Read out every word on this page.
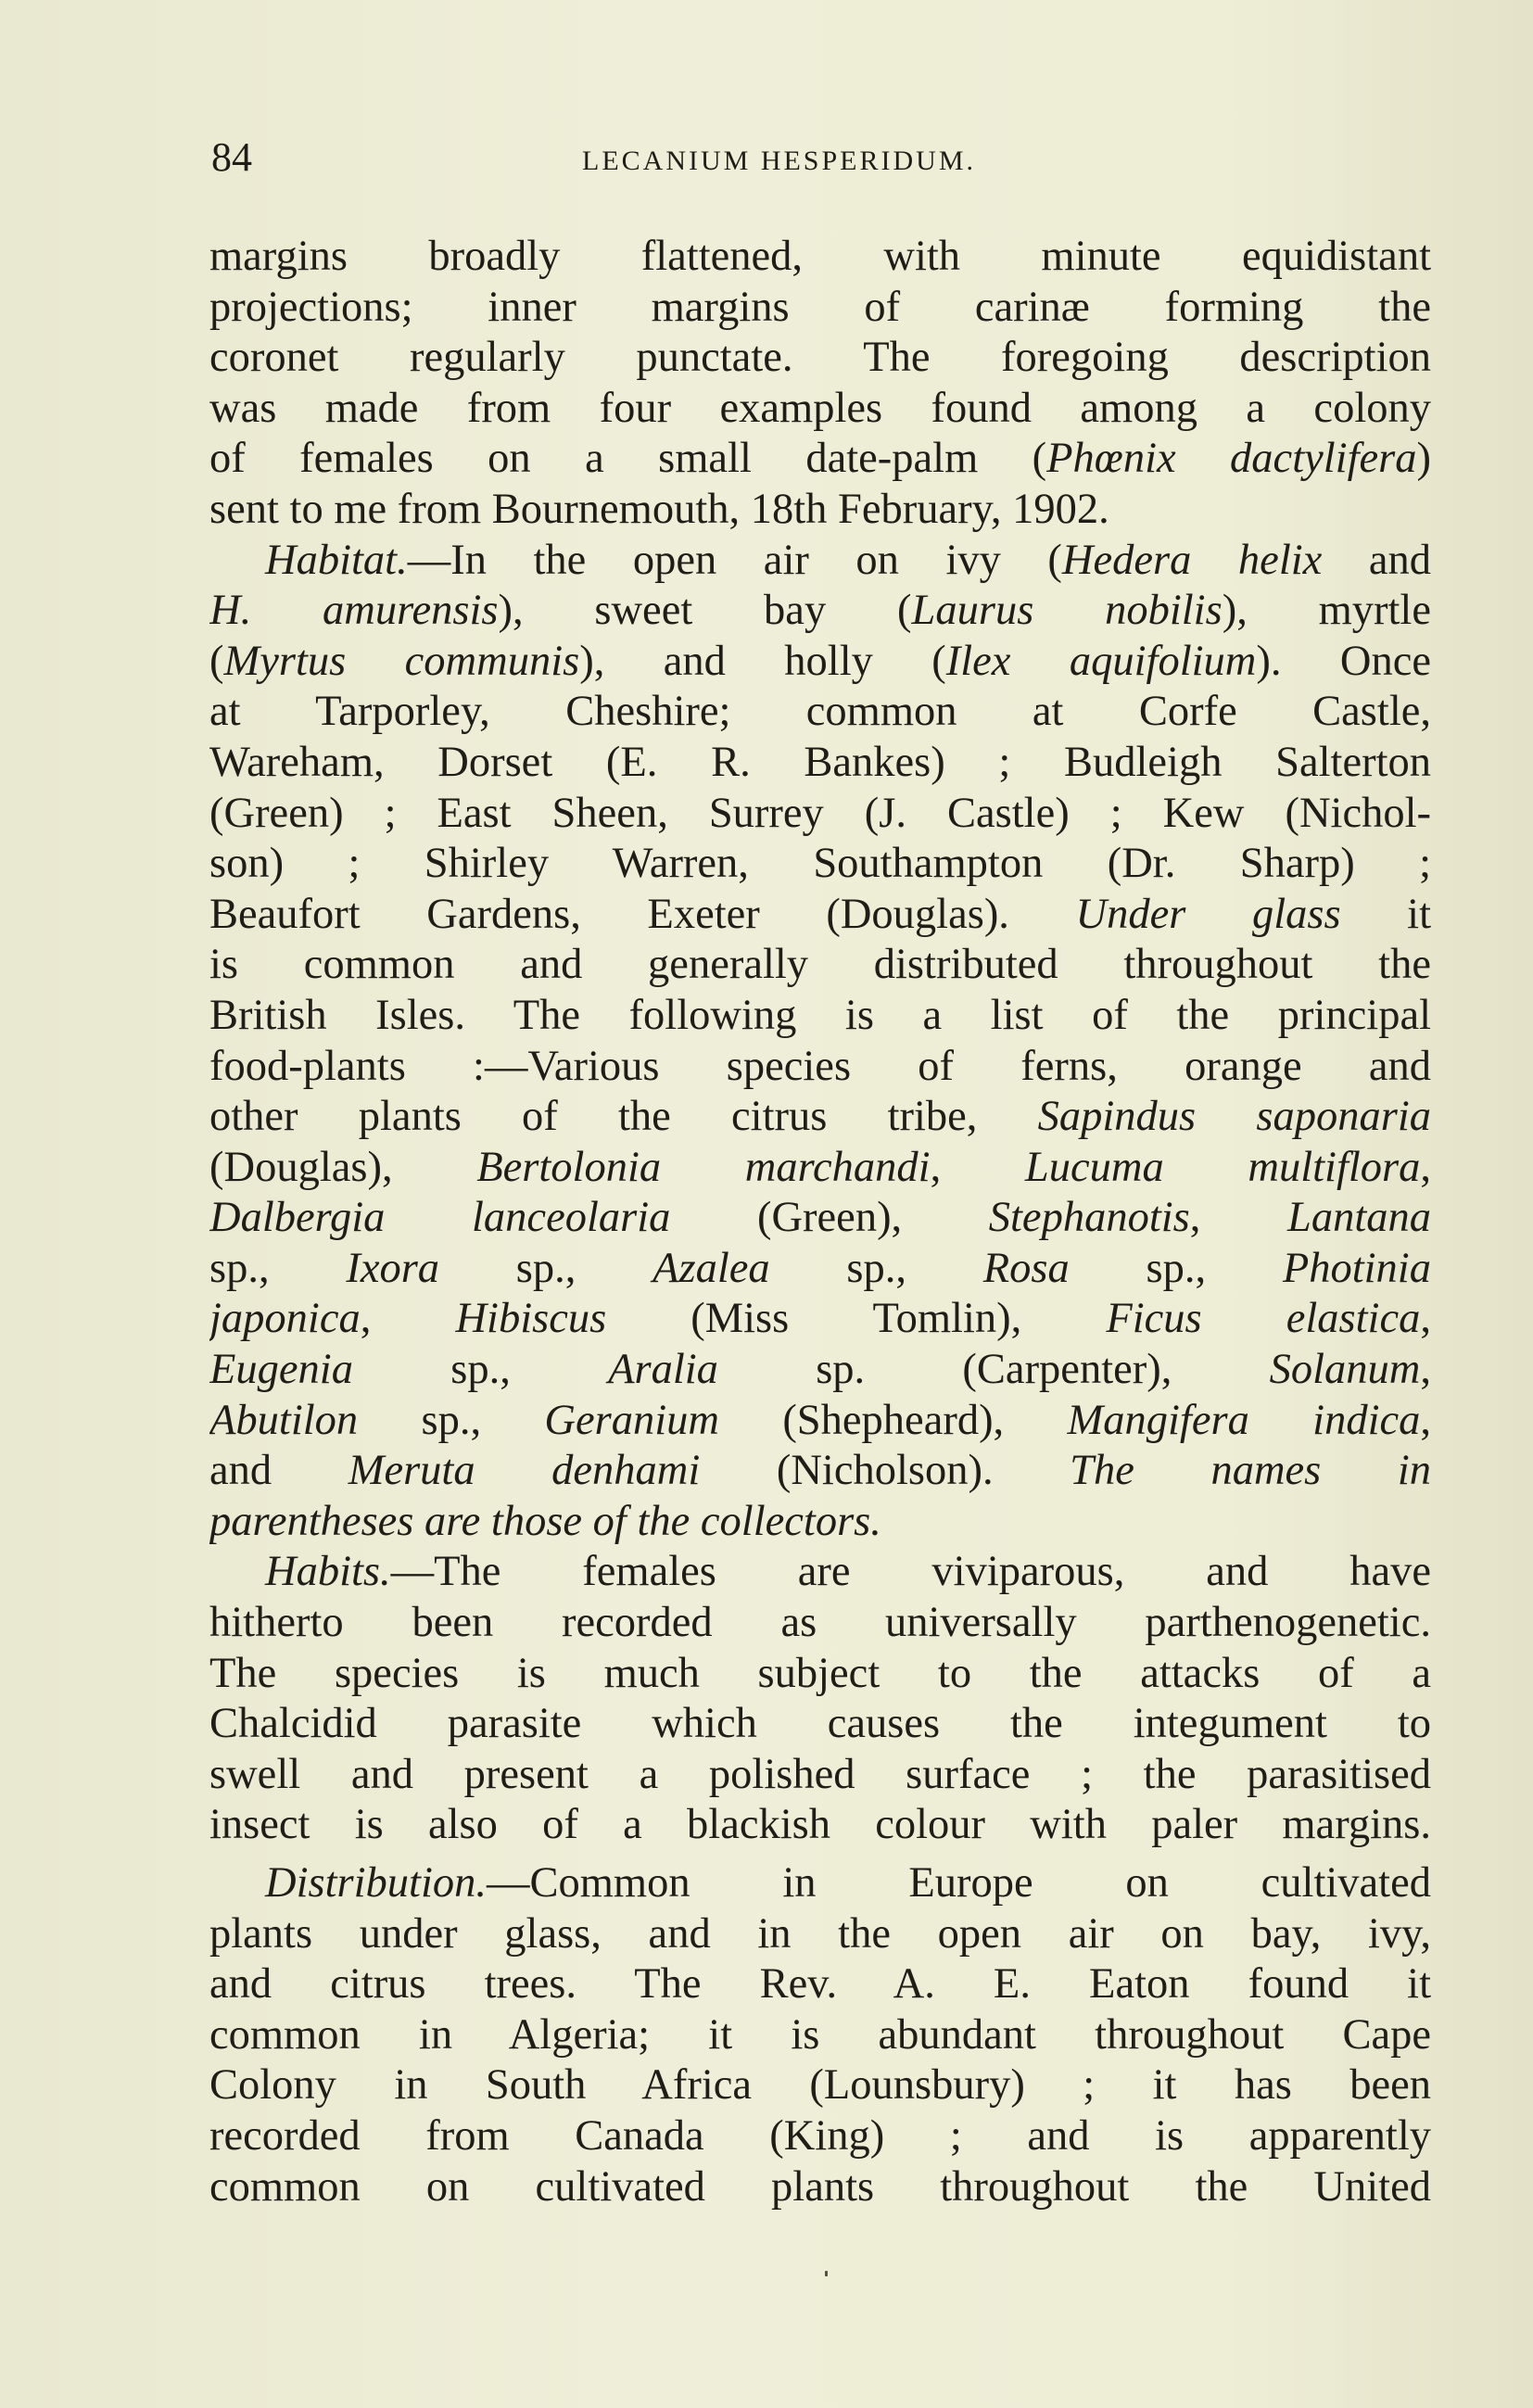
84	LECANIUM HESPERIDUM.
margins broadly flattened, with minute equidistant
projections; inner margins of carinæ forming the
coronet regularly punctate. The foregoing description
was made from four examples found among a colony
of females on a small date-palm (Phœnix dactylifera)
sent to me from Bournemouth, 18th February, 1902.
Habitat.—In the open air on ivy (Hedera helix and
H. amurensis), sweet bay (Laurus nobilis), myrtle
(Myrtus communis), and holly (Ilex aquifolium). Once
at Tarporley, Cheshire; common at Corfe Castle,
Wareham, Dorset (E. R. Bankes) ; Budleigh Salterton
(Green) ; East Sheen, Surrey (J. Castle) ; Kew (Nichol-
son) ; Shirley Warren, Southampton (Dr. Sharp) ;
Beaufort Gardens, Exeter (Douglas). Under glass it
is common and generally distributed throughout the
British Isles. The following is a list of the principal
food-plants :—Various species of ferns, orange and
other plants of the citrus tribe, Sapindus saponaria
(Douglas), Bertolonia marchandi, Lucuma multiflora,
Dalbergia lanceolaria (Green), Stephanotis, Lantana
sp., Ixora sp., Azalea sp., Rosa sp., Photinia
japonica, Hibiscus (Miss Tomlin), Ficus elastica,
Eugenia sp., Aralia sp. (Carpenter), Solanum,
Abutilon sp., Geranium (Shepheard), Mangifera indica,
and Meruta denhami (Nicholson). The names in
parentheses are those of the collectors.
Habits.—The females are viviparous, and have
hitherto been recorded as universally parthenogenetic.
The species is much subject to the attacks of a
Chalcidid parasite which causes the integument to
swell and present a polished surface ; the parasitised
insect is also of a blackish colour with paler margins.
Distribution.—Common in Europe on cultivated
plants under glass, and in the open air on bay, ivy,
and citrus trees. The Rev. A. E. Eaton found it
common in Algeria; it is abundant throughout Cape
Colony in South Africa (Lounsbury) ; it has been
recorded from Canada (King) ; and is apparently
common on cultivated plants throughout the United
